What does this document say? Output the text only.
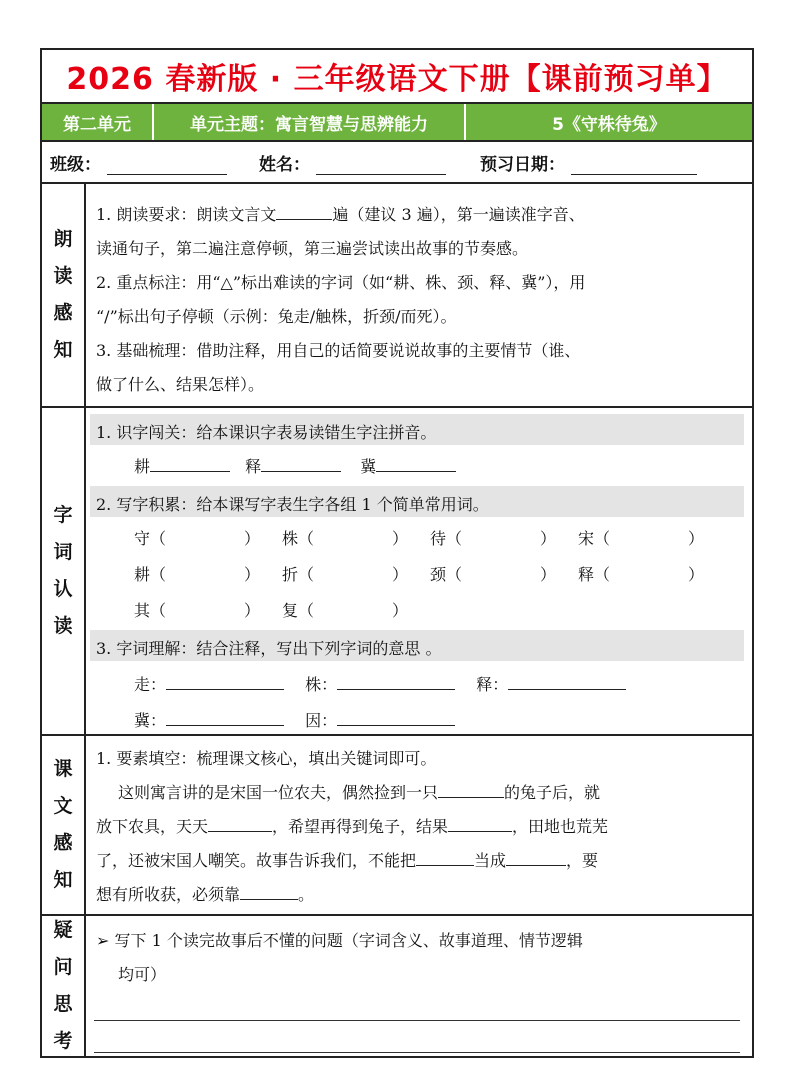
2026 春新版 · 三年级语文下册【课前预习单】
第二单元	单元主题：寓言智慧与思辨能力	5《守株待兔》
班级：	姓名：	预习日期：
朗
读
感
知
1. 朗读要求：朗读文言文	遍（建议 3 遍），第一遍读准字音、
读通句子，第二遍注意停顿，第三遍尝试读出故事的节奏感。
2. 重点标注：用“△”标出难读的字词（如“耕、株、颈、释、冀”），用
“/”标出句子停顿（示例：兔走/触株，折颈/而死）。
3. 基础梳理：借助注释，用自己的话简要说说故事的主要情节（谁、
做了什么、结果怎样）。
字
词
认
读
1. 识字闯关：给本课识字表易读错生字注拼音。
耕	释	冀
2. 写字积累：给本课写字表生字各组 1 个简单常用词。
守（	） 株（	） 待（	） 宋（	）
耕（	） 折（	） 颈（	） 释（	）
其（	） 复（	）
3. 字词理解：结合注释，写出下列字词的意思 。
走：	株：	释：
冀：	因：
课
文
感
知
1. 要素填空：梳理课文核心，填出关键词即可。
这则寓言讲的是宋国一位农夫，偶然捡到一只	的兔子后，就
放下农具，天天	，希望再得到兔子，结果	，田地也荒芜
了，还被宋国人嘲笑。故事告诉我们，不能把	当成	，要
想有所收获，必须靠	。
疑
问
思
考
➢ 写下 1 个读完故事后不懂的问题（字词含义、故事道理、情节逻辑
均可）
